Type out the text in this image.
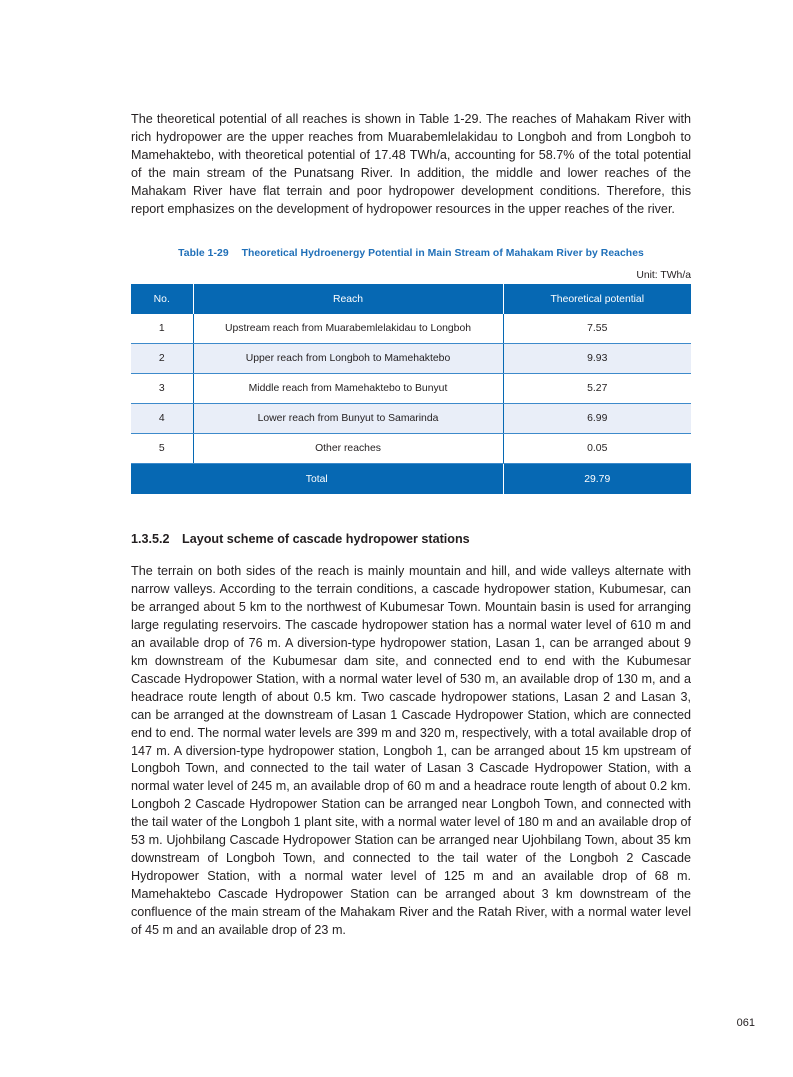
The theoretical potential of all reaches is shown in Table 1-29. The reaches of Mahakam River with rich hydropower are the upper reaches from Muarabemlelakidau to Longboh and from Longboh to Mamehaktebo, with theoretical potential of 17.48 TWh/a, accounting for 58.7% of the total potential of the main stream of the Punatsang River. In addition, the middle and lower reaches of the Mahakam River have flat terrain and poor hydropower development conditions. Therefore, this report emphasizes on the development of hydropower resources in the upper reaches of the river.

Table 1-29 Theoretical Hydroenergy Potential in Main Stream of Mahakam River by Reaches
Unit: TWh/a
No.	Reach	Theoretical potential
1	Upstream reach from Muarabemlelakidau to Longboh	7.55
2	Upper reach from Longboh to Mamehaktebo	9.93
3	Middle reach from Mamehaktebo to Bunyut	5.27
4	Lower reach from Bunyut to Samarinda	6.99
5	Other reaches	0.05
Total		29.79
1.3.5.2 Layout scheme of cascade hydropower stations

The terrain on both sides of the reach is mainly mountain and hill, and wide valleys alternate with narrow valleys. According to the terrain conditions, a cascade hydropower station, Kubumesar, can be arranged about 5 km to the northwest of Kubumesar Town. Mountain basin is used for arranging large regulating reservoirs. The cascade hydropower station has a normal water level of 610 m and an available drop of 76 m. A diversion-type hydropower station, Lasan 1, can be arranged about 9 km downstream of the Kubumesar dam site, and connected end to end with the Kubumesar Cascade Hydropower Station, with a normal water level of 530 m, an available drop of 130 m, and a headrace route length of about 0.5 km. Two cascade hydropower stations, Lasan 2 and Lasan 3, can be arranged at the downstream of Lasan 1 Cascade Hydropower Station, which are connected end to end. The normal water levels are 399 m and 320 m, respectively, with a total available drop of 147 m. A diversion-type hydropower station, Longboh 1, can be arranged about 15 km upstream of Longboh Town, and connected to the tail water of Lasan 3 Cascade Hydropower Station, with a normal water level of 245 m, an available drop of 60 m and a headrace route length of about 0.2 km. Longboh 2 Cascade Hydropower Station can be arranged near Longboh Town, and connected with the tail water of the Longboh 1 plant site, with a normal water level of 180 m and an available drop of 53 m. Ujohbilang Cascade Hydropower Station can be arranged near Ujohbilang Town, about 35 km downstream of Longboh Town, and connected to the tail water of the Longboh 2 Cascade Hydropower Station, with a normal water level of 125 m and an available drop of 68 m. Mamehaktebo Cascade Hydropower Station can be arranged about 3 km downstream of the confluence of the main stream of the Mahakam River and the Ratah River, with a normal water level of 45 m and an available drop of 23 m.

061
